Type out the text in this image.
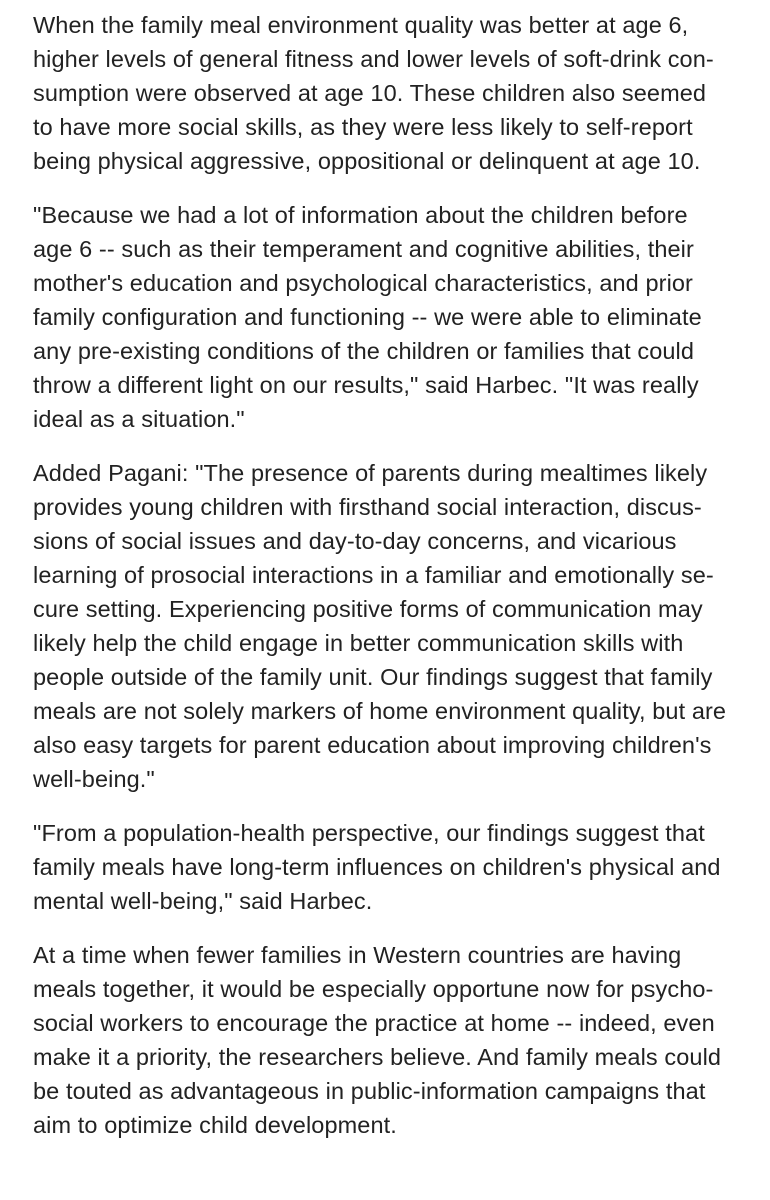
When the family meal environment quality was better at age 6,
higher levels of general fitness and lower levels of soft-drink con-
sumption were observed at age 10. These children also seemed
to have more social skills, as they were less likely to self-report
being physical aggressive, oppositional or delinquent at age 10.

"Because we had a lot of information about the children before
age 6 -- such as their temperament and cognitive abilities, their
mother's education and psychological characteristics, and prior
family configuration and functioning -- we were able to eliminate
any pre-existing conditions of the children or families that could
throw a different light on our results," said Harbec. "It was really
ideal as a situation."

Added Pagani: "The presence of parents during mealtimes likely
provides young children with firsthand social interaction, discus-
sions of social issues and day-to-day concerns, and vicarious
learning of prosocial interactions in a familiar and emotionally se-
cure setting. Experiencing positive forms of communication may
likely help the child engage in better communication skills with
people outside of the family unit. Our findings suggest that family
meals are not solely markers of home environment quality, but are
also easy targets for parent education about improving children's
well-being."

"From a population-health perspective, our findings suggest that
family meals have long-term influences on children's physical and
mental well-being," said Harbec.

At a time when fewer families in Western countries are having
meals together, it would be especially opportune now for psycho-
social workers to encourage the practice at home -- indeed, even
make it a priority, the researchers believe. And family meals could
be touted as advantageous in public-information campaigns that
aim to optimize child development.
